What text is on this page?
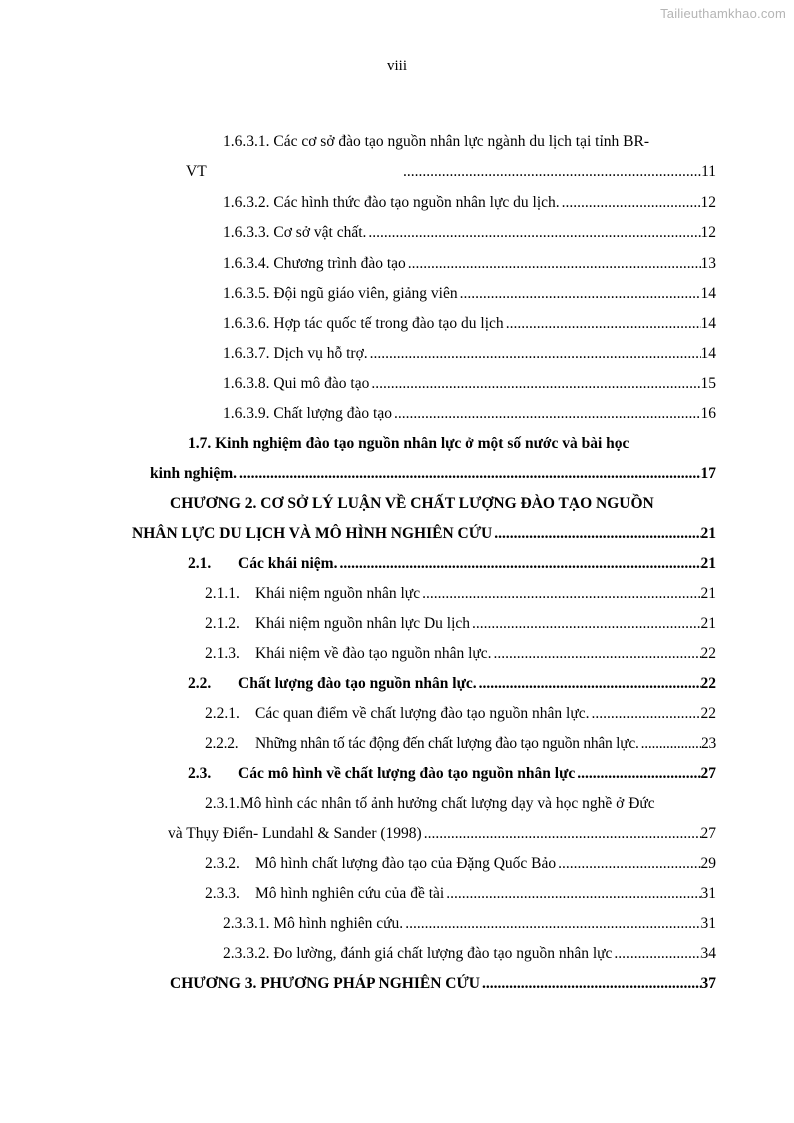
Tailieuthamkhao.com
viii
1.6.3.1. Các cơ sở đào tạo nguồn nhân lực ngành du lịch tại tỉnh BR-
VT .....	11
1.6.3.2. Các hình thức đào tạo nguồn nhân lực du lịch. .....	12
1.6.3.3. Cơ sở vật chất. .....	12
1.6.3.4. Chương trình đào tạo .....	13
1.6.3.5. Đội ngũ giáo viên, giảng viên .....	14
1.6.3.6. Hợp tác quốc tế trong đào tạo du lịch .....	14
1.6.3.7. Dịch vụ hỗ trợ. .....	14
1.6.3.8. Qui mô đào tạo .....	15
1.6.3.9. Chất lượng đào tạo .....	16
1.7. Kinh nghiệm đào tạo nguồn nhân lực ở một số nước và bài học
kinh nghiệm. .....	17
CHƯƠNG 2. CƠ SỞ LÝ LUẬN VỀ CHẤT LƯỢNG ĐÀO TẠO NGUỒN
NHÂN LỰC DU LỊCH VÀ MÔ HÌNH NGHIÊN CỨU .....	21
2.1. Các khái niệm. .....	21
2.1.1. Khái niệm nguồn nhân lực .....	21
2.1.2. Khái niệm nguồn nhân lực Du lịch .....	21
2.1.3. Khái niệm về đào tạo nguồn nhân lực. .....	22
2.2. Chất lượng đào tạo nguồn nhân lực. .....	22
2.2.1. Các quan điểm về chất lượng đào tạo nguồn nhân lực. .....	22
2.2.2. Những nhân tố tác động đến chất lượng đào tạo nguồn nhân lực. .....	23
2.3. Các mô hình về chất lượng đào tạo nguồn nhân lực .....	27
2.3.1.Mô hình các nhân tố ảnh hưởng chất lượng dạy và học nghề ở Đức
và Thụy Điển- Lundahl & Sander (1998) .....	27
2.3.2. Mô hình chất lượng đào tạo của Đặng Quốc Bảo .....	29
2.3.3. Mô hình nghiên cứu của đề tài .....	31
2.3.3.1. Mô hình nghiên cứu. .....	31
2.3.3.2. Đo lường, đánh giá chất lượng đào tạo nguồn nhân lực .....	34
CHƯƠNG 3. PHƯƠNG PHÁP NGHIÊN CỨU .....	37
